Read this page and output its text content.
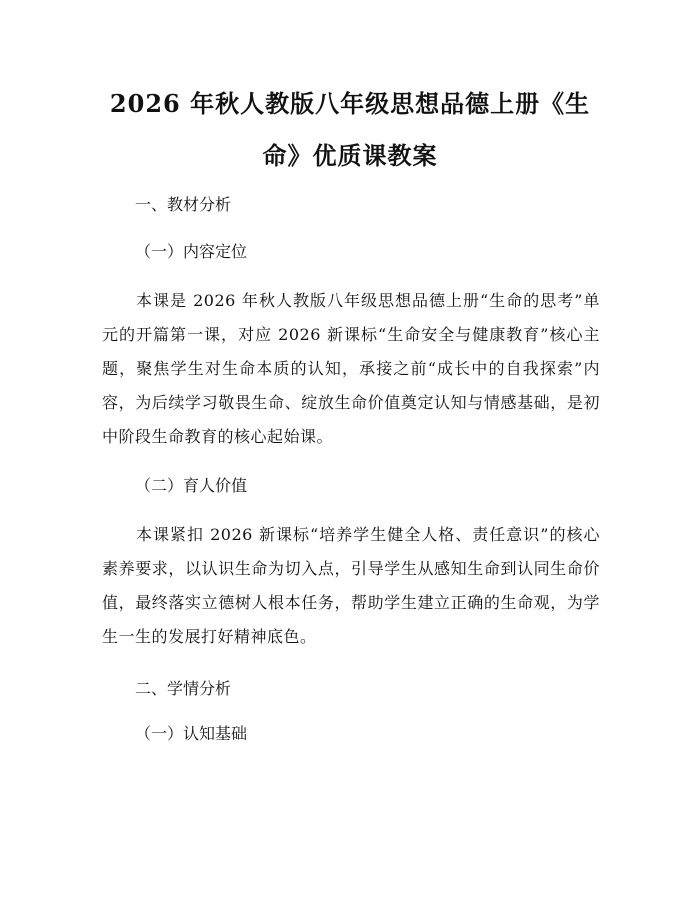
2026 年秋人教版八年级思想品德上册《生命》优质课教案
一、教材分析
（一）内容定位
本课是 2026 年秋人教版八年级思想品德上册“生命的思考”单元的开篇第一课，对应 2026 新课标“生命安全与健康教育”核心主题，聚焦学生对生命本质的认知，承接之前“成长中的自我探索”内容，为后续学习敬畏生命、绽放生命价值奠定认知与情感基础，是初中阶段生命教育的核心起始课。
（二）育人价值
本课紧扣 2026 新课标“培养学生健全人格、责任意识”的核心素养要求，以认识生命为切入点，引导学生从感知生命到认同生命价值，最终落实立德树人根本任务，帮助学生建立正确的生命观，为学生一生的发展打好精神底色。
二、学情分析
（一）认知基础
